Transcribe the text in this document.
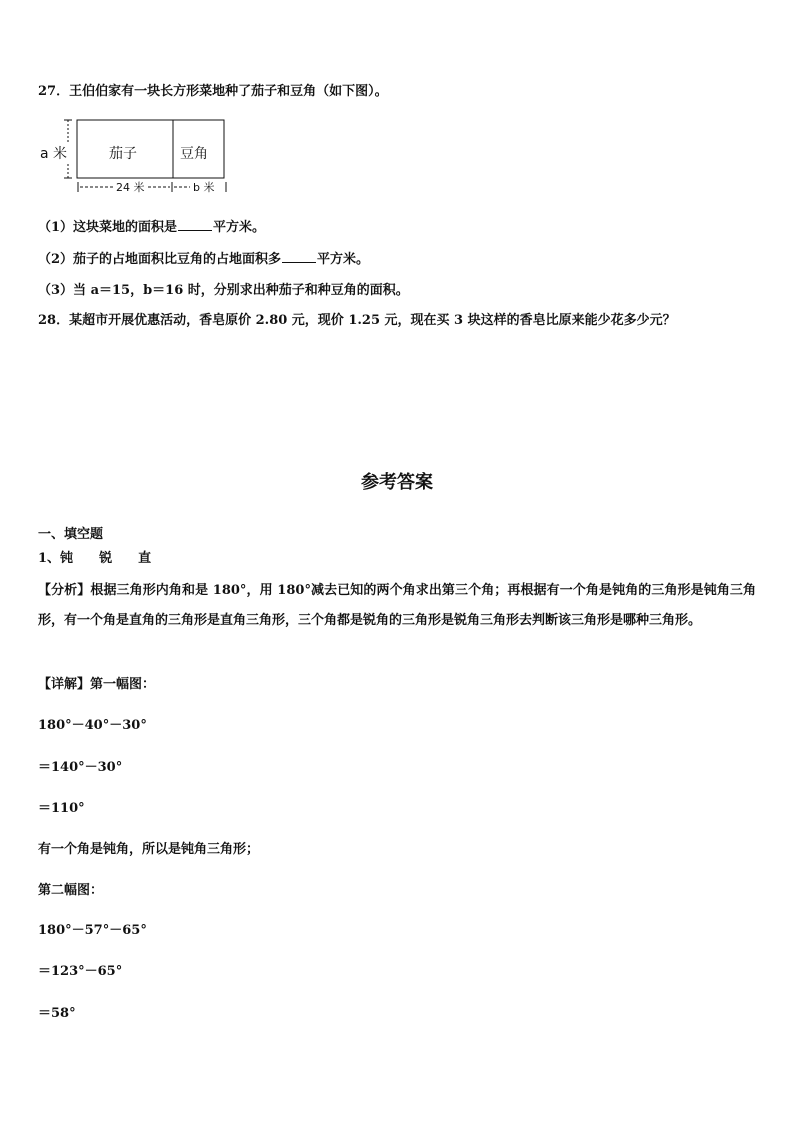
27．王伯伯家有一块长方形菜地种了茄子和豆角（如下图）。
a 米	茄子	豆角
24 米	b 米
（1）这块菜地的面积是	平方米。
（2）茄子的占地面积比豆角的占地面积多	平方米。
（3）当 a＝15，b＝16 时，分别求出种茄子和种豆角的面积。
28．某超市开展优惠活动，香皂原价 2.80 元，现价 1.25 元，现在买 3 块这样的香皂比原来能少花多少元？
参考答案
一、填空题
1、钝 锐 直
【分析】根据三角形内角和是 180°，用 180°减去已知的两个角求出第三个角；再根据有一个角是钝角的三角形是钝角三角形，有一个角是直角的三角形是直角三角形，三个角都是锐角的三角形是锐角三角形去判断该三角形是哪种三角形。
【详解】第一幅图：
180°－40°－30°
＝140°－30°
＝110°
有一个角是钝角，所以是钝角三角形；
第二幅图：
180°－57°－65°
＝123°－65°
＝58°
